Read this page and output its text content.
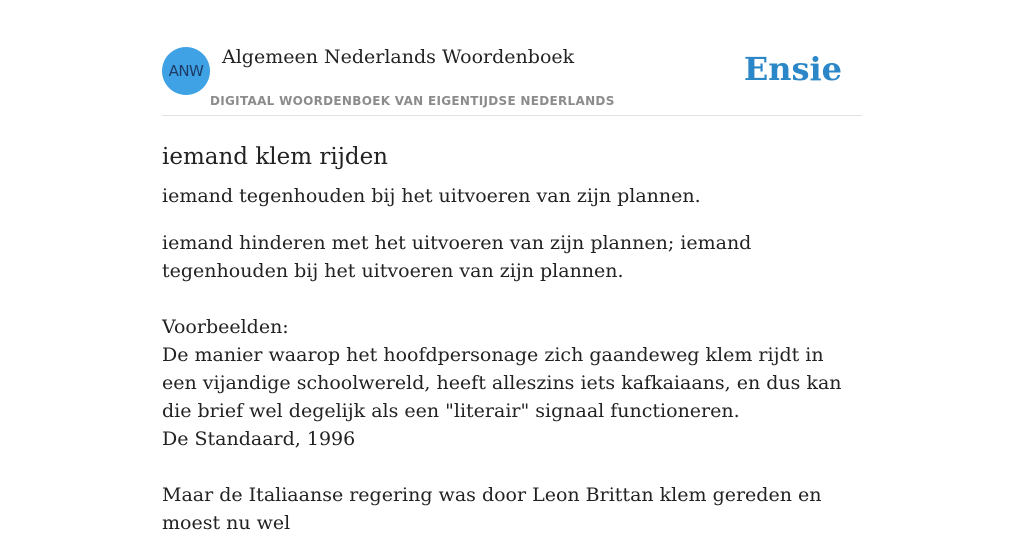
ANW
Algemeen Nederlands Woordenboek
DIGITAAL WOORDENBOEK VAN EIGENTIJDSE NEDERLANDS
Ensie
iemand klem rijden

iemand tegenhouden bij het uitvoeren van zijn plannen.

iemand hinderen met het uitvoeren van zijn plannen; iemand tegenhouden bij het uitvoeren van zijn plannen.
Voorbeelden:
De manier waarop het hoofdpersonage zich gaandeweg klem rijdt in een vijandige schoolwereld, heeft alleszins iets kafkaiaans, en dus kan die brief wel degelijk als een "literair" signaal functioneren.
De Standaard, 1996
Maar de Italiaanse regering was door Leon Brittan klem gereden en moest nu wel
